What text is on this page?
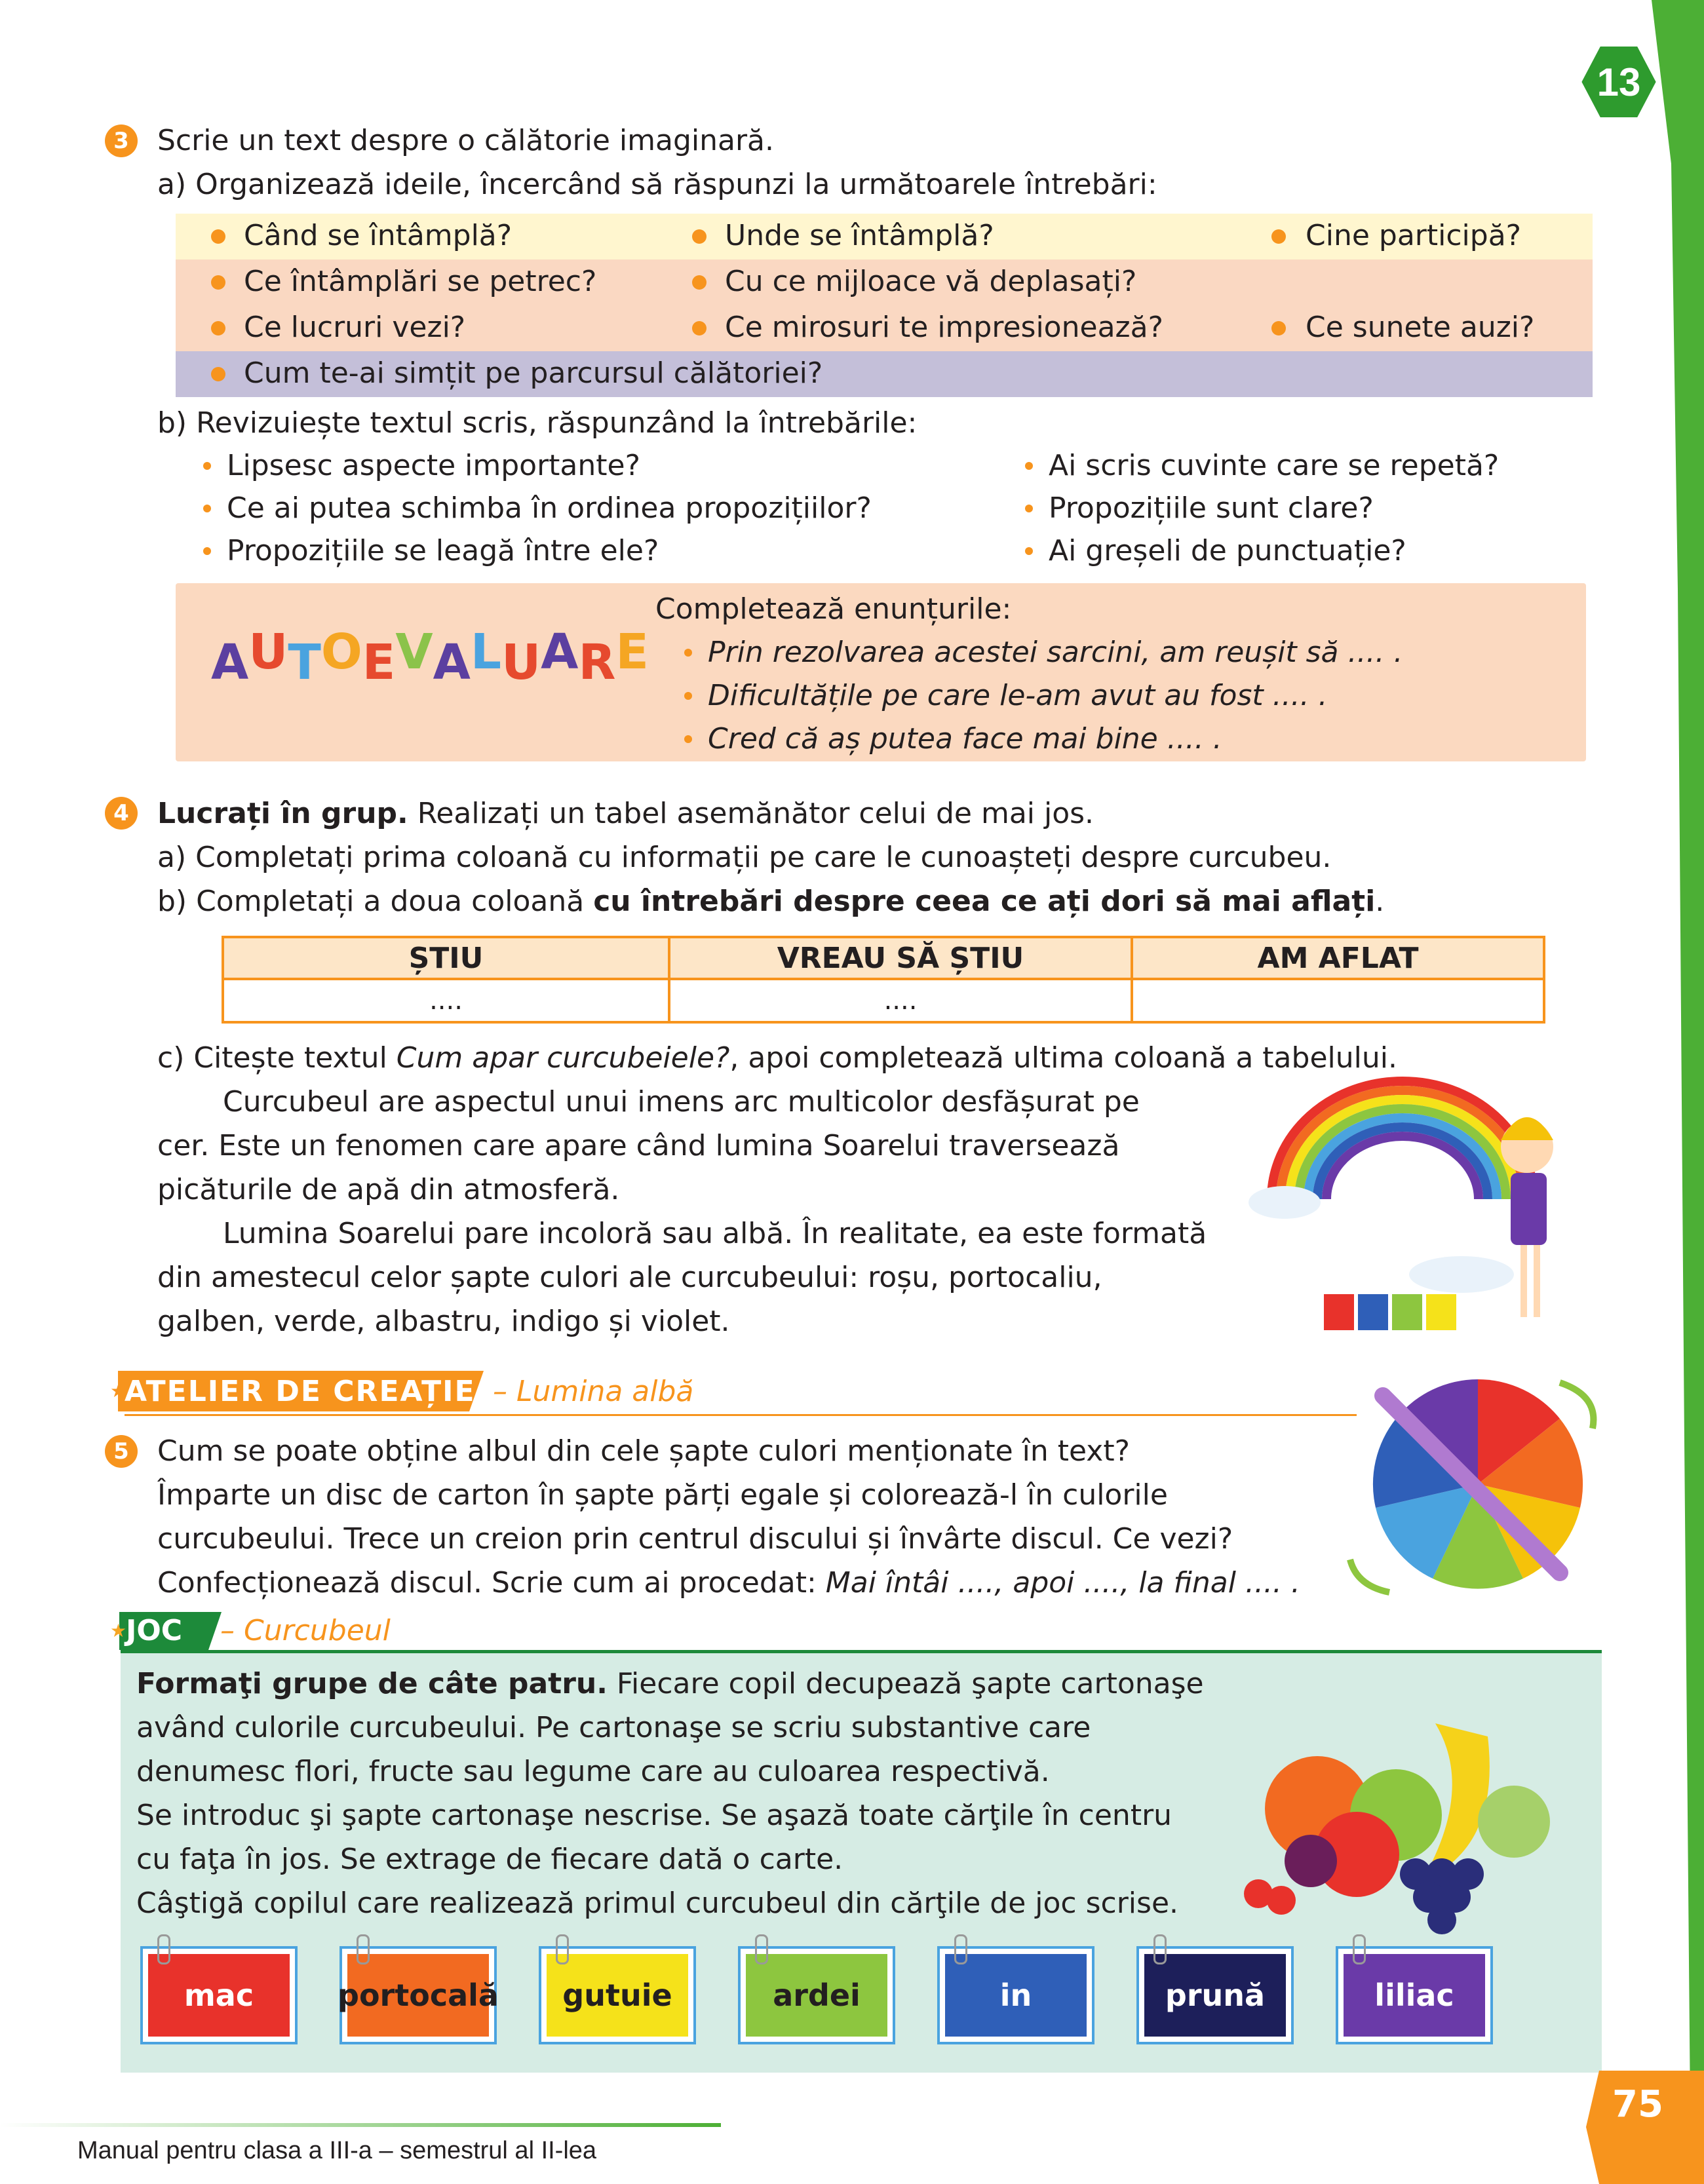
13
3 Scrie un text despre o călătorie imaginară.
a) Organizează ideile, încercând să răspunzi la următoarele întrebări:
Când se întâmplă?	Unde se întâmplă?	Cine participă?
Ce întâmplări se petrec?	Cu ce mijloace vă deplasați?
Ce lucruri vezi?	Ce mirosuri te impresionează?	Ce sunete auzi?
Cum te-ai simțit pe parcursul călătoriei?
b) Revizuiește textul scris, răspunzând la întrebările:
Lipsesc aspecte importante?
Ce ai putea schimba în ordinea propozițiilor?
Propozițiile se leagă între ele?
Ai scris cuvinte care se repetă?
Propozițiile sunt clare?
Ai greșeli de punctuație?
AUTOEVALUARE
Completează enunțurile:
Prin rezolvarea acestei sarcini, am reușit să .... .
Dificultățile pe care le-am avut au fost .... .
Cred că aș putea face mai bine .... .
4 Lucrați în grup. Realizați un tabel asemănător celui de mai jos.
a) Completați prima coloană cu informații pe care le cunoașteți despre curcubeu.
b) Completați a doua coloană cu întrebări despre ceea ce ați dori să mai aflați.
ȘTIU	VREAU SĂ ȘTIU	AM AFLAT
....	....	
c) Citește textul Cum apar curcubeiele?, apoi completează ultima coloană a tabelului.
Curcubeul are aspectul unui imens arc multicolor desfășurat pe
cer. Este un fenomen care apare când lumina Soarelui traversează
picăturile de apă din atmosferă.
Lumina Soarelui pare incoloră sau albă. În realitate, ea este formată
din amestecul celor șapte culori ale curcubeului: roșu, portocaliu,
galben, verde, albastru, indigo și violet.
★
ATELIER DE CREAȚIE – Lumina albă
5 Cum se poate obține albul din cele șapte culori menționate în text?
Împarte un disc de carton în șapte părți egale și colorează-l în culorile
curcubeului. Trece un creion prin centrul discului și învârte discul. Ce vezi?
Confecționează discul. Scrie cum ai procedat: Mai întâi ...., apoi ...., la final .... .
★
JOC – Curcubeul
Formaţi grupe de câte patru. Fiecare copil decupează şapte cartonaşe
având culorile curcubeului. Pe cartonaşe se scriu substantive care
denumesc flori, fructe sau legume care au culoarea respectivă.
Se introduc şi şapte cartonaşe nescrise. Se aşază toate cărţile în centru
cu faţa în jos. Se extrage de fiecare dată o carte.
Câştigă copilul care realizează primul curcubeul din cărţile de joc scrise.
mac	portocală	gutuie	ardei	in	prună	liliac
Manual pentru clasa a III-a – semestrul al II-lea
75
